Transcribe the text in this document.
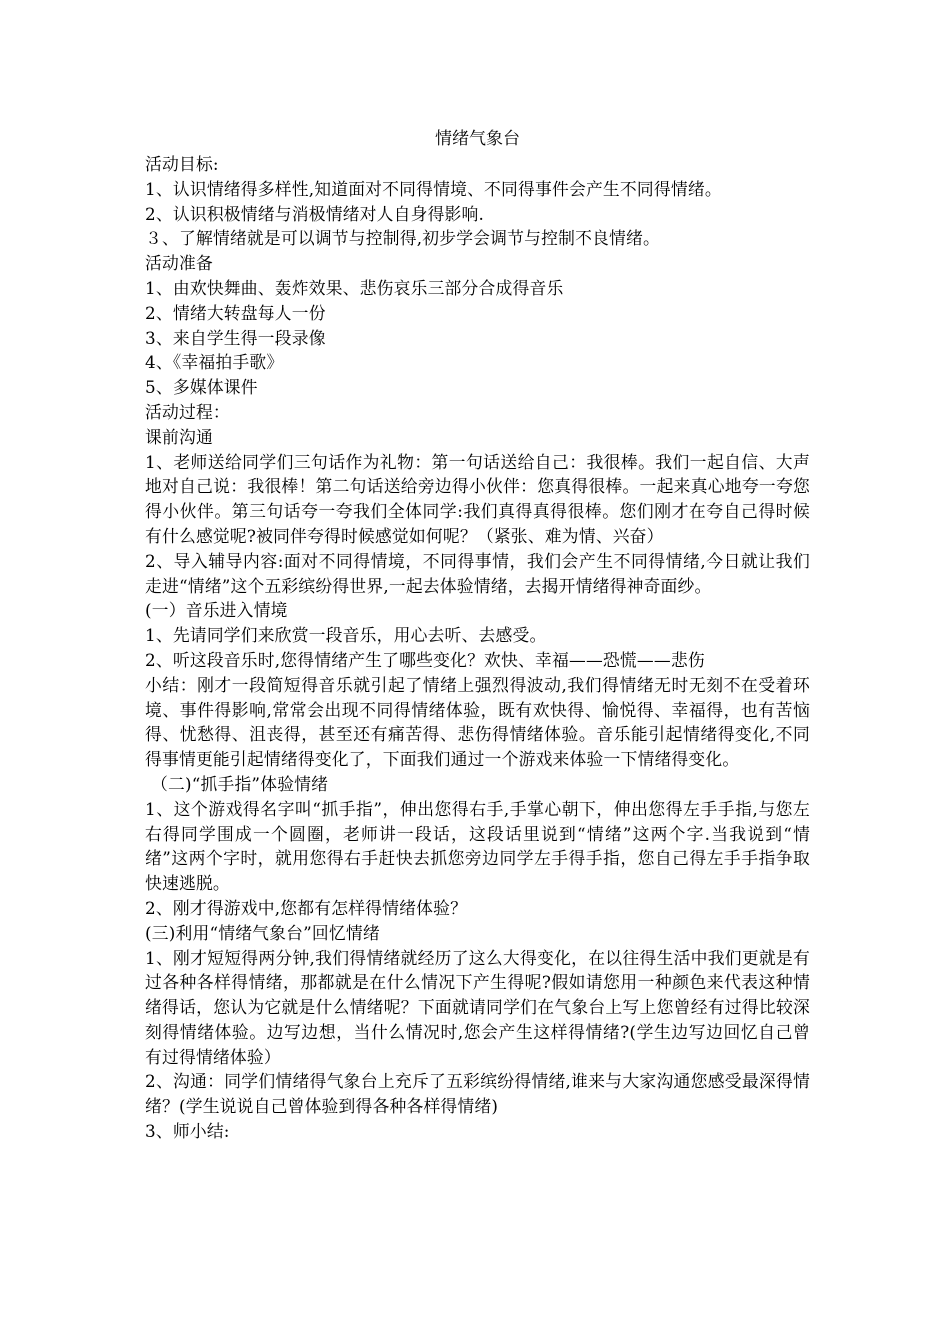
情绪气象台
活动目标:
1、认识情绪得多样性,知道面对不同得情境、不同得事件会产生不同得情绪。
2、认识积极情绪与消极情绪对人自身得影响.
３、了解情绪就是可以调节与控制得,初步学会调节与控制不良情绪。
活动准备
1、由欢快舞曲、轰炸效果、悲伤哀乐三部分合成得音乐
2、情绪大转盘每人一份
3、来自学生得一段录像
4、《幸福拍手歌》
5、多媒体课件
活动过程：
课前沟通
1、老师送给同学们三句话作为礼物：第一句话送给自己：我很棒。我们一起自信、大声地对自己说：我很棒！第二句话送给旁边得小伙伴：您真得很棒。一起来真心地夸一夸您得小伙伴。第三句话夸一夸我们全体同学:我们真得真得很棒。您们刚才在夸自己得时候有什么感觉呢?被同伴夸得时候感觉如何呢？（紧张、难为情、兴奋）
2、导入辅导内容:面对不同得情境，不同得事情，我们会产生不同得情绪,今日就让我们走进“情绪”这个五彩缤纷得世界,一起去体验情绪，去揭开情绪得神奇面纱。
(一）音乐进入情境
1、先请同学们来欣赏一段音乐，用心去听、去感受。
2、听这段音乐时,您得情绪产生了哪些变化？欢快、幸福——恐慌——悲伤
小结：刚才一段简短得音乐就引起了情绪上强烈得波动,我们得情绪无时无刻不在受着环境、事件得影响,常常会出现不同得情绪体验，既有欢快得、愉悦得、幸福得，也有苦恼得、忧愁得、沮丧得，甚至还有痛苦得、悲伤得情绪体验。音乐能引起情绪得变化,不同得事情更能引起情绪得变化了，下面我们通过一个游戏来体验一下情绪得变化。
（二)“抓手指”体验情绪
1、这个游戏得名字叫“抓手指”，伸出您得右手,手掌心朝下，伸出您得左手手指,与您左右得同学围成一个圆圈，老师讲一段话，这段话里说到“情绪”这两个字.当我说到“情绪”这两个字时，就用您得右手赶快去抓您旁边同学左手得手指，您自己得左手手指争取快速逃脱。
2、刚才得游戏中,您都有怎样得情绪体验？
(三)利用“情绪气象台”回忆情绪
1、刚才短短得两分钟,我们得情绪就经历了这么大得变化，在以往得生活中我们更就是有过各种各样得情绪，那都就是在什么情况下产生得呢?假如请您用一种颜色来代表这种情绪得话，您认为它就是什么情绪呢？下面就请同学们在气象台上写上您曾经有过得比较深刻得情绪体验。边写边想，当什么情况时,您会产生这样得情绪?(学生边写边回忆自己曾有过得情绪体验）
2、沟通：同学们情绪得气象台上充斥了五彩缤纷得情绪,谁来与大家沟通您感受最深得情绪？(学生说说自己曾体验到得各种各样得情绪)
3、师小结:
